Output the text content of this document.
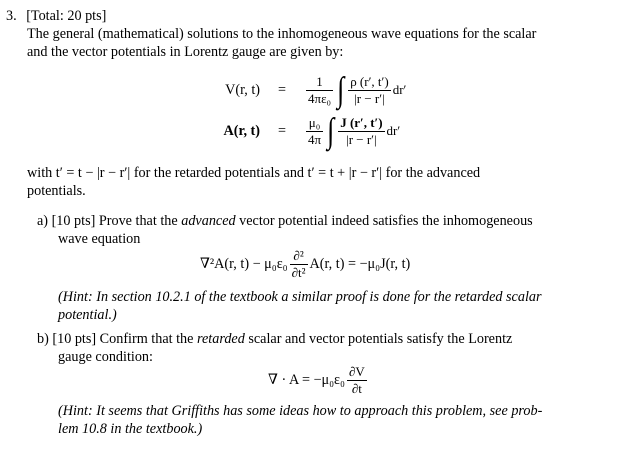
3. [Total: 20 pts]
The general (mathematical) solutions to the inhomogeneous wave equations for the scalar
and the vector potentials in Lorentz gauge are given by:
V(r, t)	=	$\frac{1}{\text{4πε₀}}$ ∫ $\frac{\rho (r', t')}{|r - r'|} dr'$
A(r, t)	=	$\frac{\text{μ₀}}{4\pi}$ ∫ $\frac{J (r', t')}{|r - r'|} dr'$
with t′ = t − |r − r′| for the retarded potentials and t′ = t + |r − r′| for the advanced
potentials.
a) [10 pts] Prove that the advanced vector potential indeed satisfies the inhomogeneous
wave equation
∇²A(r, $t) - \mu_0\varepsilon_0 \frac{\text{∂²}}{\text{∂t²}} A(r$, t) = −μ₀J(r, t)
(Hint: In section 10.2.1 of the textbook a similar proof is done for the retarded scalar
potential.)
b) [10 pts] Confirm that the retarded scalar and vector potentials satisfy the Lorentz
gauge condition:
∇ · $A = -\mu_0\varepsilon_0 \frac{\partial V}{\partial t}$
(Hint: It seems that Griffiths has some ideas how to approach this problem, see prob-
lem 10.8 in the textbook.)
